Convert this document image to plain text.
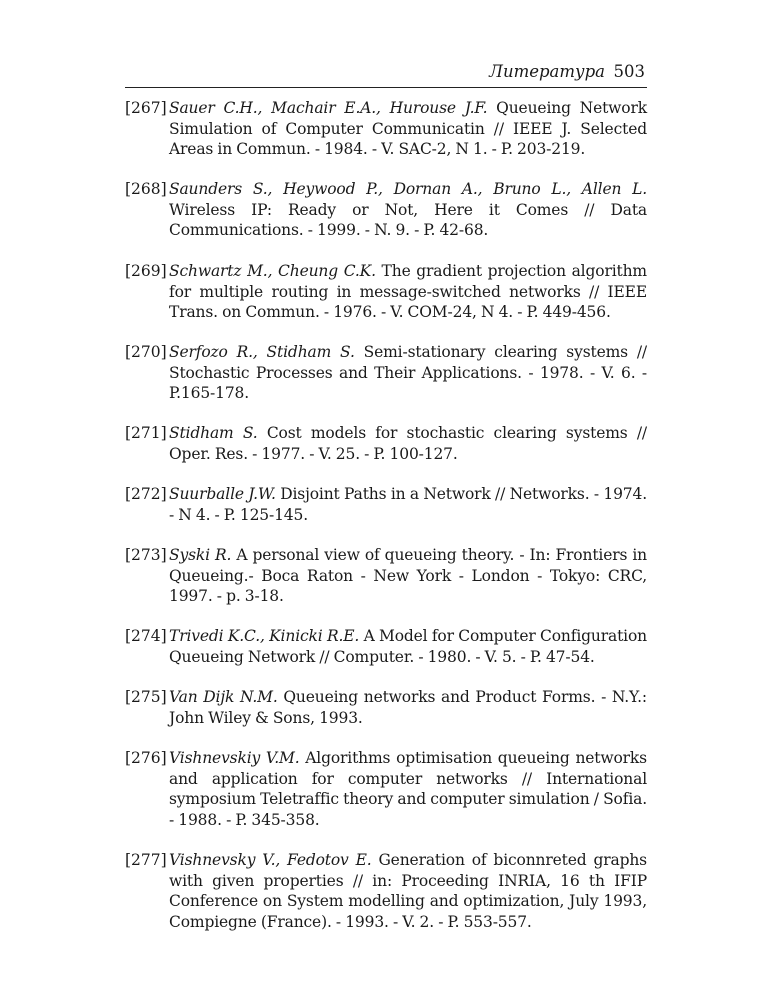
Литература 503
[267] Sauer C.H., Machair E.A., Hurouse J.F. Queueing Network Simulation of Computer Communicatin // IEEE J. Selected Areas in Commun. - 1984. - V. SAC-2, N 1. - P. 203-219.
[268] Saunders S., Heywood P., Dornan A., Bruno L., Allen L. Wireless IP: Ready or Not, Here it Comes // Data Communications. - 1999. - N. 9. - P. 42-68.
[269] Schwartz M., Cheung C.K. The gradient projection algorithm for multiple routing in message-switched networks // IEEE Trans. on Commun. - 1976. - V. COM-24, N 4. - P. 449-456.
[270] Serfozo R., Stidham S. Semi-stationary clearing systems // Stochastic Processes and Their Applications. - 1978. - V. 6. - P.165-178.
[271] Stidham S. Cost models for stochastic clearing systems // Oper. Res. - 1977. - V. 25. - P. 100-127.
[272] Suurballe J.W. Disjoint Paths in a Network // Networks. - 1974. - N 4. - P. 125-145.
[273] Syski R. A personal view of queueing theory. - In: Frontiers in Queueing.- Boca Raton - New York - London - Tokyo: CRC, 1997. - p. 3-18.
[274] Trivedi K.C., Kinicki R.E. A Model for Computer Configuration Queueing Network // Computer. - 1980. - V. 5. - P. 47-54.
[275] Van Dijk N.M. Queueing networks and Product Forms. - N.Y.: John Wiley & Sons, 1993.
[276] Vishnevskiy V.M. Algorithms optimisation queueing networks and application for computer networks // International symposium Teletraffic theory and computer simulation / Sofia. - 1988. - P. 345-358.
[277] Vishnevsky V., Fedotov E. Generation of biconnreted graphs with given properties // in: Proceeding INRIA, 16 th IFIP Conference on System modelling and optimization, July 1993, Compiegne (France). - 1993. - V. 2. - P. 553-557.
